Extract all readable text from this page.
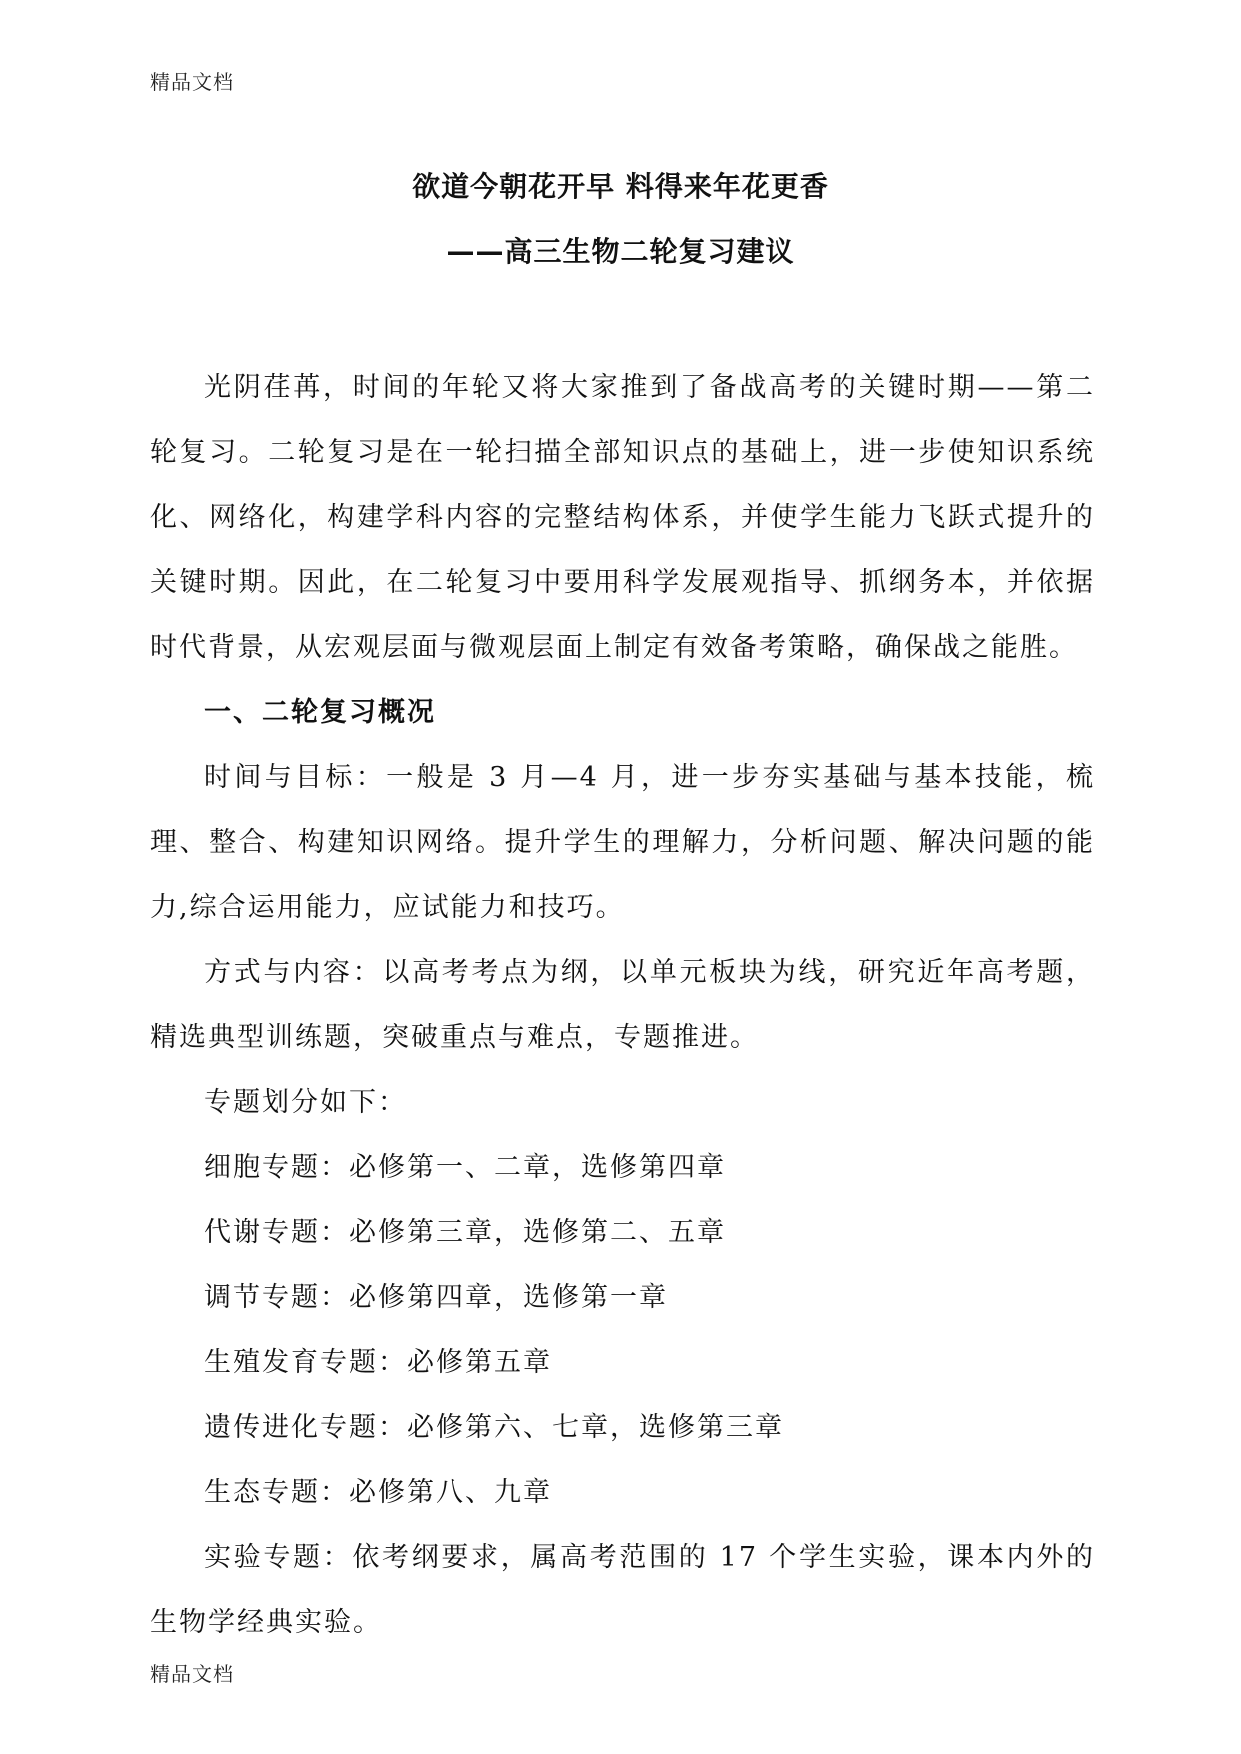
精品文档
欲道今朝花开早 料得来年花更香
——高三生物二轮复习建议

光阴荏苒，时间的年轮又将大家推到了备战高考的关键时期——第二轮复习。二轮复习是在一轮扫描全部知识点的基础上，进一步使知识系统化、网络化，构建学科内容的完整结构体系，并使学生能力飞跃式提升的关键时期。因此，在二轮复习中要用科学发展观指导、抓纲务本，并依据时代背景，从宏观层面与微观层面上制定有效备考策略，确保战之能胜。

一、二轮复习概况

时间与目标：一般是 3 月—4 月，进一步夯实基础与基本技能，梳理、整合、构建知识网络。提升学生的理解力，分析问题、解决问题的能力,综合运用能力，应试能力和技巧。

方式与内容：以高考考点为纲，以单元板块为线，研究近年高考题，精选典型训练题，突破重点与难点，专题推进。

专题划分如下：

细胞专题：必修第一、二章，选修第四章

代谢专题：必修第三章，选修第二、五章

调节专题：必修第四章，选修第一章

生殖发育专题：必修第五章

遗传进化专题：必修第六、七章，选修第三章

生态专题：必修第八、九章

实验专题：依考纲要求，属高考范围的 17 个学生实验，课本内外的生物学经典实验。

精品文档
